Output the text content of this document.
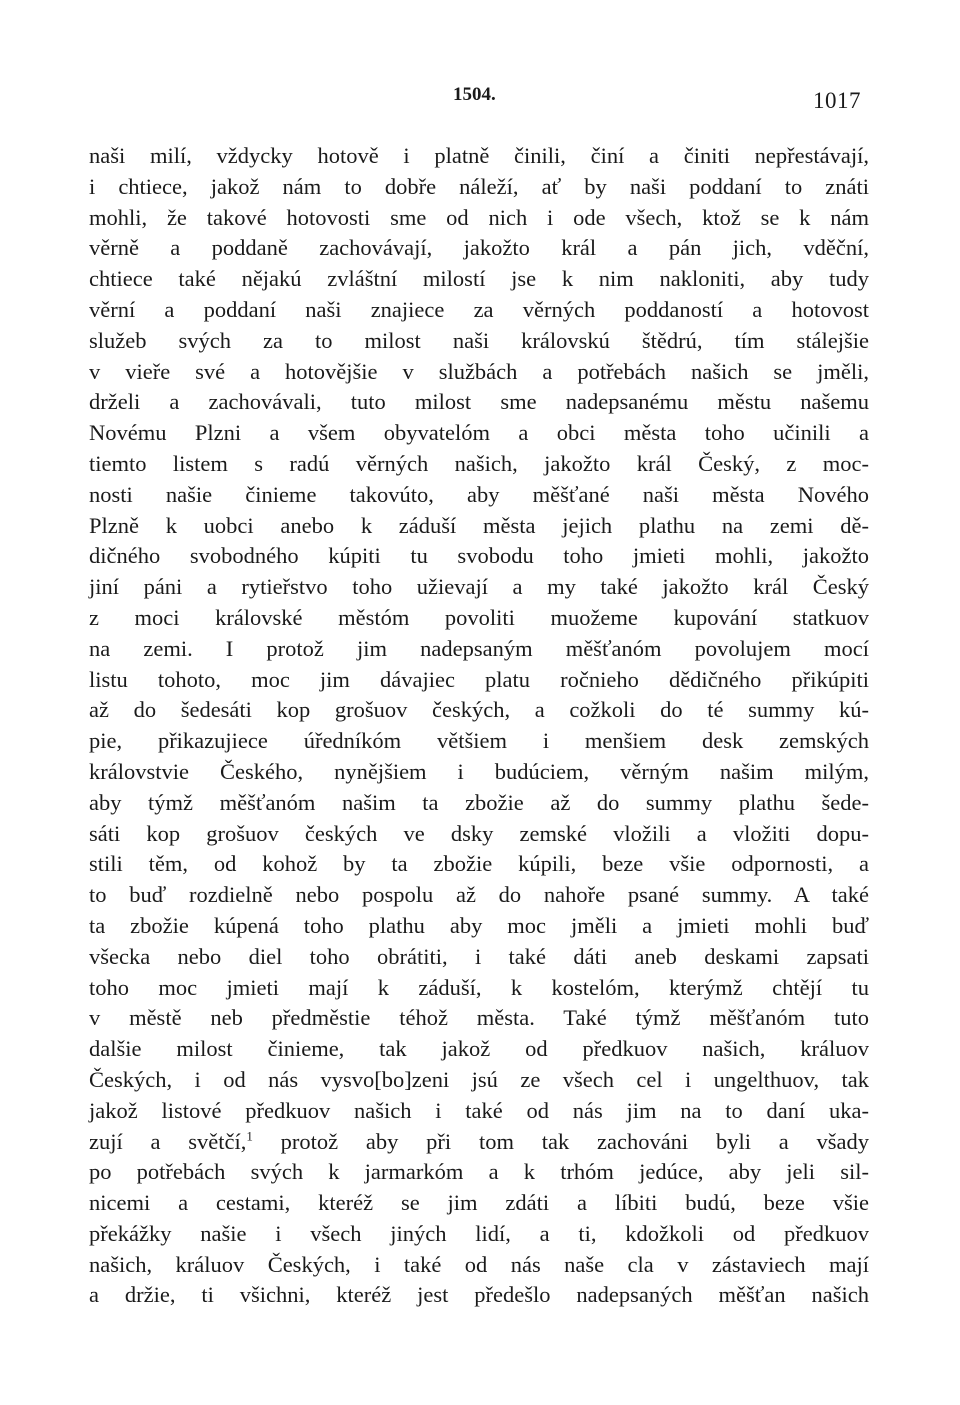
1504.	1017
naši milí, vždycky hotově i platně činili, činí a činiti nepřestávají,
i chtiece, jakož nám to dobře náleží, ať by naši poddaní to znáti
mohli, že takové hotovosti sme od nich i ode všech, ktož se k nám
věrně a poddaně zachovávají, jakožto král a pán jich, vděční,
chtiece také nějakú zvláštní milostí jse k nim nakloniti, aby tudy
věrní a poddaní naši znajiece za věrných poddaností a hotovost
služeb svých za to milost naši královskú štědrú, tím stálejšie
v vieře své a hotovějšie v službách a potřebách našich se jměli,
drželi a zachovávali, tuto milost sme nadepsanému městu našemu
Novému Plzni a všem obyvatelóm a obci města toho učinili a
tiemto listem s radú věrných našich, jakožto král Český, z moc-
nosti našie činieme takovúto, aby měšťané naši města Nového
Plzně k uobci anebo k záduší města jejich plathu na zemi dě-
dičného svobodného kúpiti tu svobodu toho jmieti mohli, jakožto
jiní páni a rytieřstvo toho užievají a my také jakožto král Český
z moci královské městóm povoliti muožeme kupování statkuov
na zemi. I protož jim nadepsaným měšťanóm povolujem mocí
listu tohoto, moc jim dávajiec platu ročnieho dědičného přikúpiti
až do šedesáti kop grošuov českých, a cožkoli do té summy kú-
pie, přikazujiece úředníkóm většiem i menšiem desk zemských
královstvie Českého, nynějšiem i budúciem, věrným našim milým,
aby týmž měšťanóm našim ta zbožie až do summy plathu šede-
sáti kop grošuov českých ve dsky zemské vložili a vložiti dopu-
stili těm, od kohož by ta zbožie kúpili, beze všie odpornosti, a
to buď rozdielně nebo pospolu až do nahoře psané summy. A také
ta zbožie kúpená toho plathu aby moc jměli a jmieti mohli buď
všecka nebo diel toho obrátiti, i také dáti aneb deskami zapsati
toho moc jmieti mají k záduší, k kostelóm, kterýmž chtějí tu
v městě neb předměstie téhož města. Také týmž měšťanóm tuto
dalšie milost činieme, tak jakož od předkuov našich, králuov
Českých, i od nás vysvo[bo]zeni jsú ze všech cel i ungelthuov, tak
jakož listové předkuov našich i také od nás jim na to daní uka-
zují a světčí,$^1$ protož aby při tom tak zachováni byli a všady
po potřebách svých k jarmarkóm a k trhóm jedúce, aby jeli sil-
nicemi a cestami, kteréž se jim zdáti a líbiti budú, beze všie
překážky našie i všech jiných lidí, a ti, kdožkoli od předkuov
našich, králuov Českých, i také od nás naše cla v zástaviech mají
a držie, ti všichni, kteréž jest předešlo nadepsaných měšťan našich
